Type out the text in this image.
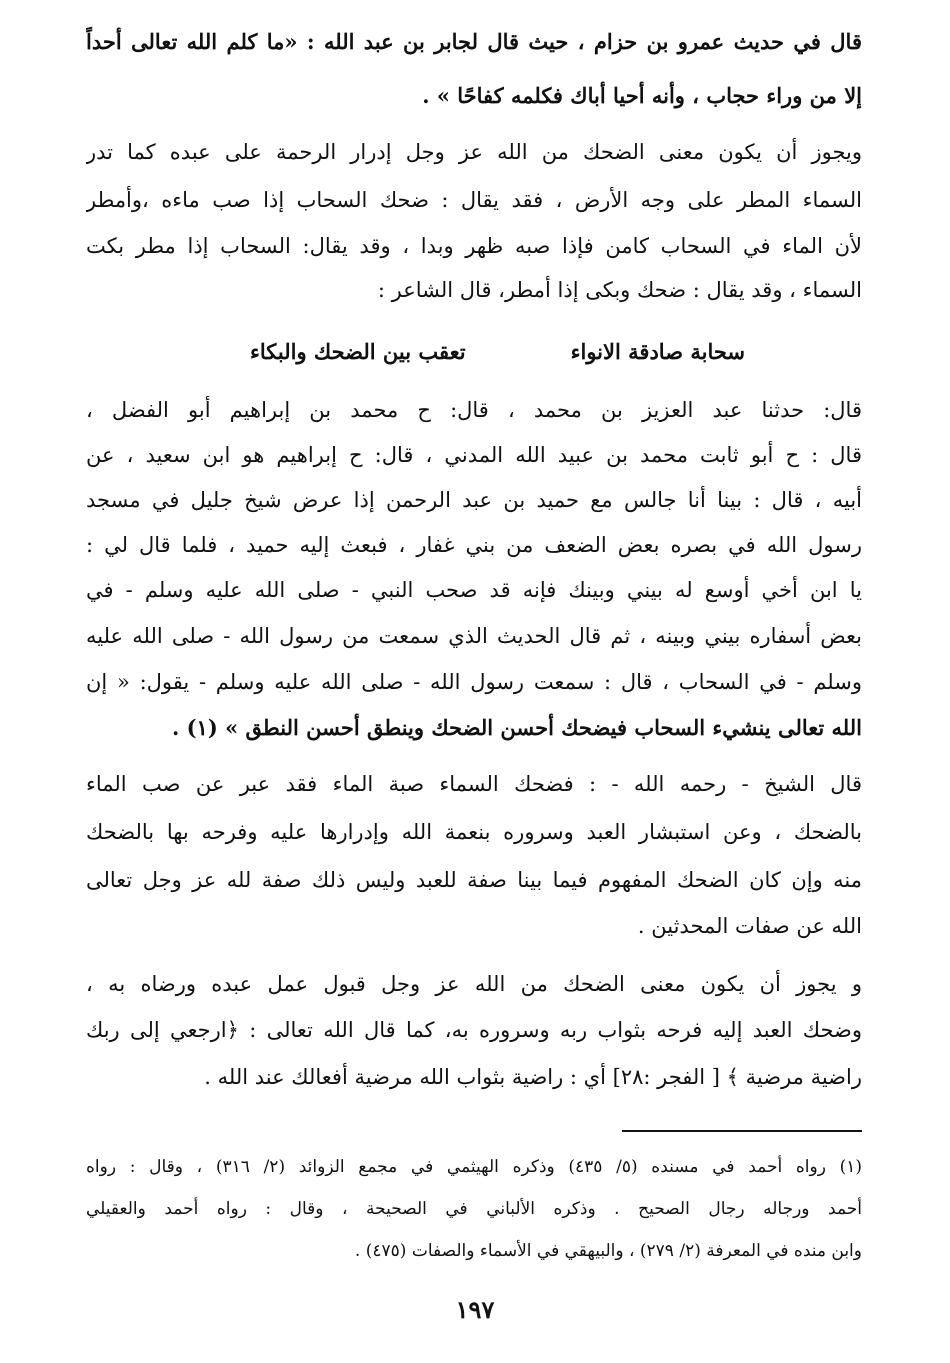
قال في حديث عمرو بن حزام ، حيث قال لجابر بن عبد الله : «ما كلم الله تعالى أحداً
إلا من وراء حجاب ، وأنه أحيا أباك فكلمه كفاحًا » .
ويجوز أن يكون معنى الضحك من الله عز وجل إدرار الرحمة على عبده كما تدر
السماء المطر على وجه الأرض ، فقد يقال : ضحك السحاب إذا صب ماءه ،وأمطر
لأن الماء في السحاب كامن فإذا صبه ظهر وبدا ، وقد يقال: السحاب إذا مطر بكت
السماء ، وقد يقال : ضحك وبكى إذا أمطر، قال الشاعر :
سحابة صادقة الانواء
تعقب بين الضحك والبكاء
قال: حدثنا عبد العزيز بن محمد ، قال: ح محمد بن إبراهيم أبو الفضل ،
قال : ح أبو ثابت محمد بن عبيد الله المدني ، قال: ح إبراهيم هو ابن سعيد ، عن
أبيه ، قال : بينا أنا جالس مع حميد بن عبد الرحمن إذا عرض شيخ جليل في مسجد
رسول الله في بصره بعض الضعف من بني غفار ، فبعث إليه حميد ، فلما قال لي :
يا ابن أخي أوسع له بيني وبينك فإنه قد صحب النبي - صلى الله عليه وسلم - في
بعض أسفاره بيني وبينه ، ثم قال الحديث الذي سمعت من رسول الله - صلى الله عليه
وسلم - في السحاب ، قال : سمعت رسول الله - صلى الله عليه وسلم - يقول: « إن
الله تعالى ينشيء السحاب فيضحك أحسن الضحك وينطق أحسن النطق » (١) .
قال الشيخ - رحمه الله - : فضحك السماء صبة الماء فقد عبر عن صب الماء
بالضحك ، وعن استبشار العبد وسروره بنعمة الله وإدرارها عليه وفرحه بها بالضحك
منه وإن كان الضحك المفهوم فيما بينا صفة للعبد وليس ذلك صفة لله عز وجل تعالى
الله عن صفات المحدثين .
و يجوز أن يكون معنى الضحك من الله عز وجل قبول عمل عبده ورضاه به ،
وضحك العبد إليه فرحه بثواب ربه وسروره به، كما قال الله تعالى : ﴿ارجعي إلى ربك
راضية مرضية ﴾ [ الفجر :٢٨] أي : راضية بثواب الله مرضية أفعالك عند الله .
(١) رواه أحمد في مسنده (٥/ ٤٣٥) وذكره الهيثمي في مجمع الزوائد (٢/ ٣١٦) ، وقال : رواه
أحمد ورجاله رجال الصحيح . وذكره الألباني في الصحيحة ، وقال : رواه أحمد والعقيلي
وابن منده في المعرفة (٢/ ٢٧٩) ، والبيهقي في الأسماء والصفات (٤٧٥) .
١٩٧
